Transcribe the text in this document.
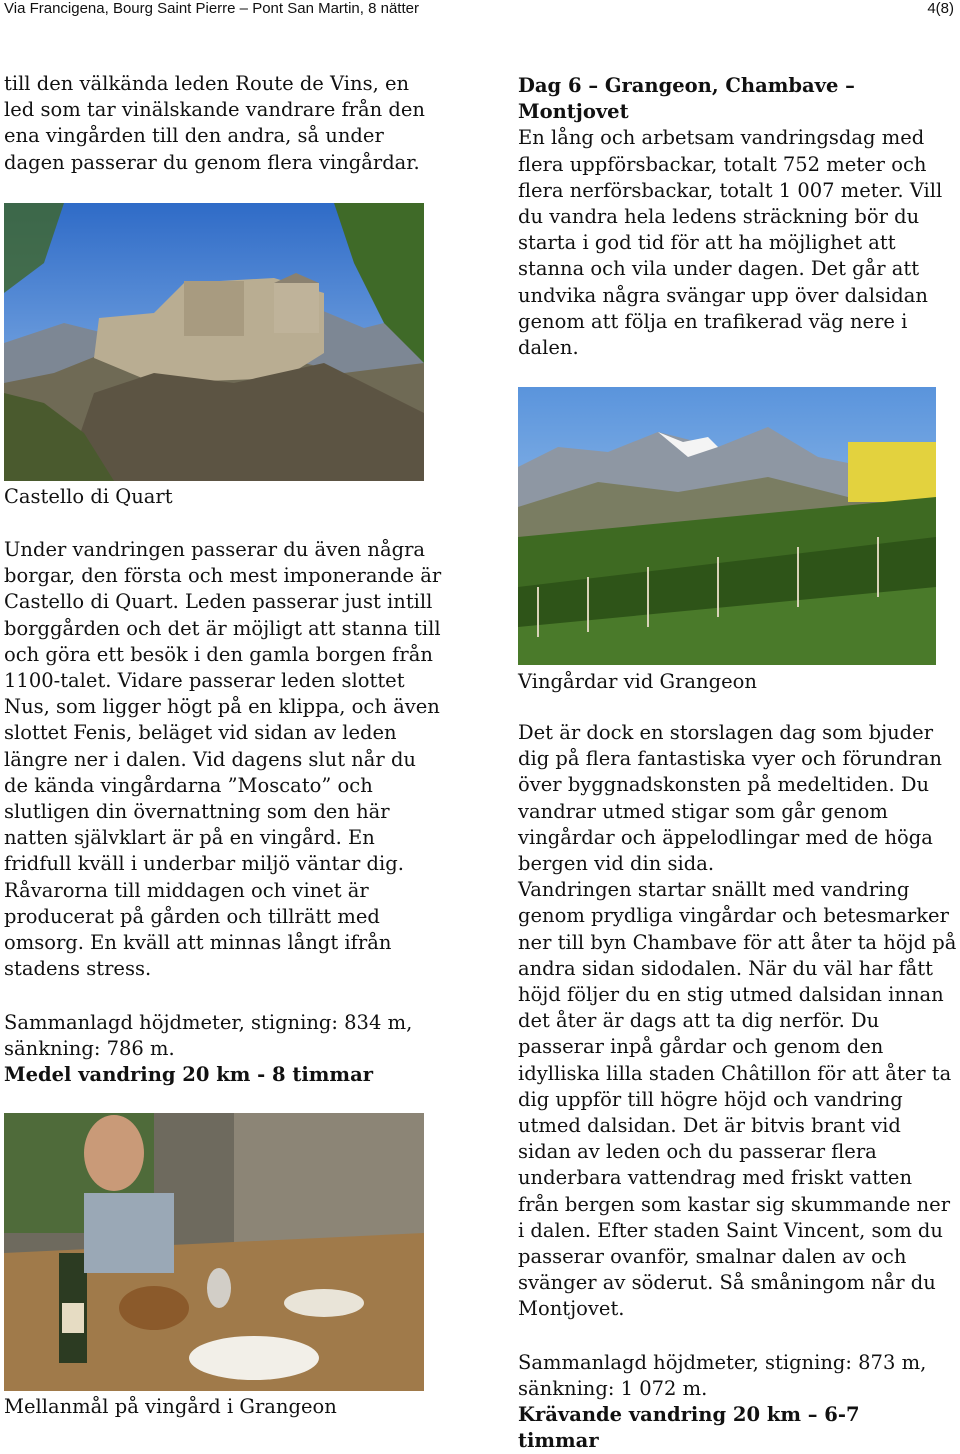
Via Francigena, Bourg Saint Pierre – Pont San Martin, 8 nätter	4(8)
till den välkända leden Route de Vins, en led som tar vinälskande vandrare från den ena vingården till den andra, så under dagen passerar du genom flera vingårdar.
Castello di Quart
Under vandringen passerar du även några borgar, den första och mest imponerande är Castello di Quart. Leden passerar just intill borggården och det är möjligt att stanna till och göra ett besök i den gamla borgen från 1100-talet. Vidare passerar leden slottet Nus, som ligger högt på en klippa, och även slottet Fenis, beläget vid sidan av leden längre ner i dalen. Vid dagens slut når du de kända vingårdarna ”Moscato” och slutligen din övernattning som den här natten självklart är på en vingård. En fridfull kväll i underbar miljö väntar dig. Råvarorna till middagen och vinet är producerat på gården och tillrätt med omsorg. En kväll att minnas långt ifrån stadens stress.
Sammanlagd höjdmeter, stigning: 834 m, sänkning: 786 m.
Medel vandring 20 km - 8 timmar
Mellanmål på vingård i Grangeon

Dag 6 – Grangeon, Chambave – Montjovet

En lång och arbetsam vandringsdag med flera uppförsbackar, totalt 752 meter och flera nerförsbackar, totalt 1 007 meter. Vill du vandra hela ledens sträckning bör du starta i god tid för att ha möjlighet att stanna och vila under dagen. Det går att undvika några svängar upp över dalsidan genom att följa en trafikerad väg nere i dalen.

Vingårdar vid Grangeon

Det är dock en storslagen dag som bjuder dig på flera fantastiska vyer och förundran över byggnadskonsten på medeltiden. Du vandrar utmed stigar som går genom vingårdar och äppelodlingar med de höga bergen vid din sida.

Vandringen startar snällt med vandring genom prydliga vingårdar och betesmarker ner till byn Chambave för att åter ta höjd på andra sidan sidodalen. När du väl har fått höjd följer du en stig utmed dalsidan innan det åter är dags att ta dig nerför. Du passerar inpå gårdar och genom den idylliska lilla staden Châtillon för att åter ta dig uppför till högre höjd och vandring utmed dalsidan. Det är bitvis brant vid sidan av leden och du passerar flera underbara vattendrag med friskt vatten från bergen som kastar sig skummande ner i dalen. Efter staden Saint Vincent, som du passerar ovanför, smalnar dalen av och svänger av söderut. Så småningom når du Montjovet.

Sammanlagd höjdmeter, stigning: 873 m, sänkning: 1 072 m.
Krävande vandring 20 km – 6-7 timmar
